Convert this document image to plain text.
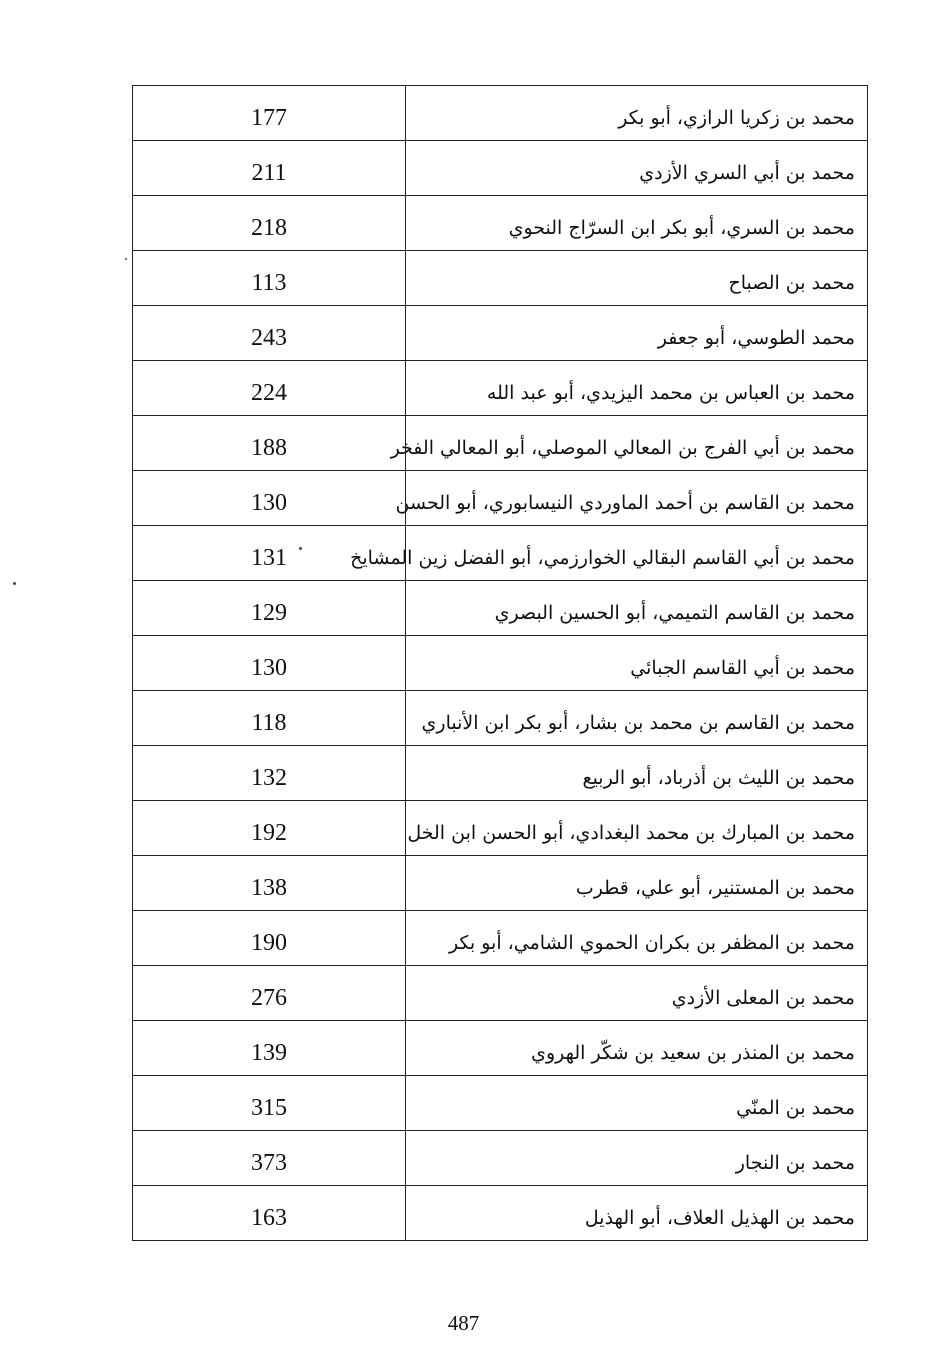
177	محمد بن زكريا الرازي، أبو بكر
211	محمد بن أبي السري الأزدي
218	محمد بن السري، أبو بكر ابن السرّاج النحوي
113	محمد بن الصباح
243	محمد الطوسي، أبو جعفر
224	محمد بن العباس بن محمد اليزيدي، أبو عبد الله
188	محمد بن أبي الفرج بن المعالي الموصلي، أبو المعالي الفخر
130	محمد بن القاسم بن أحمد الماوردي النيسابوري، أبو الحسن
131	محمد بن أبي القاسم البقالي الخوارزمي، أبو الفضل زين المشايخ
129	محمد بن القاسم التميمي، أبو الحسين البصري
130	محمد بن أبي القاسم الجبائي
118	محمد بن القاسم بن محمد بن بشار، أبو بكر ابن الأنباري
132	محمد بن الليث بن أذرباد، أبو الربيع
192	محمد بن المبارك بن محمد البغدادي، أبو الحسن ابن الخل
138	محمد بن المستنير، أبو علي، قطرب
190	محمد بن المظفر بن بكران الحموي الشامي، أبو بكر
276	محمد بن المعلى الأزدي
139	محمد بن المنذر بن سعيد بن شكّر الهروي
315	محمد بن المنّي
373	محمد بن النجار
163	محمد بن الهذيل العلاف، أبو الهذيل
487
